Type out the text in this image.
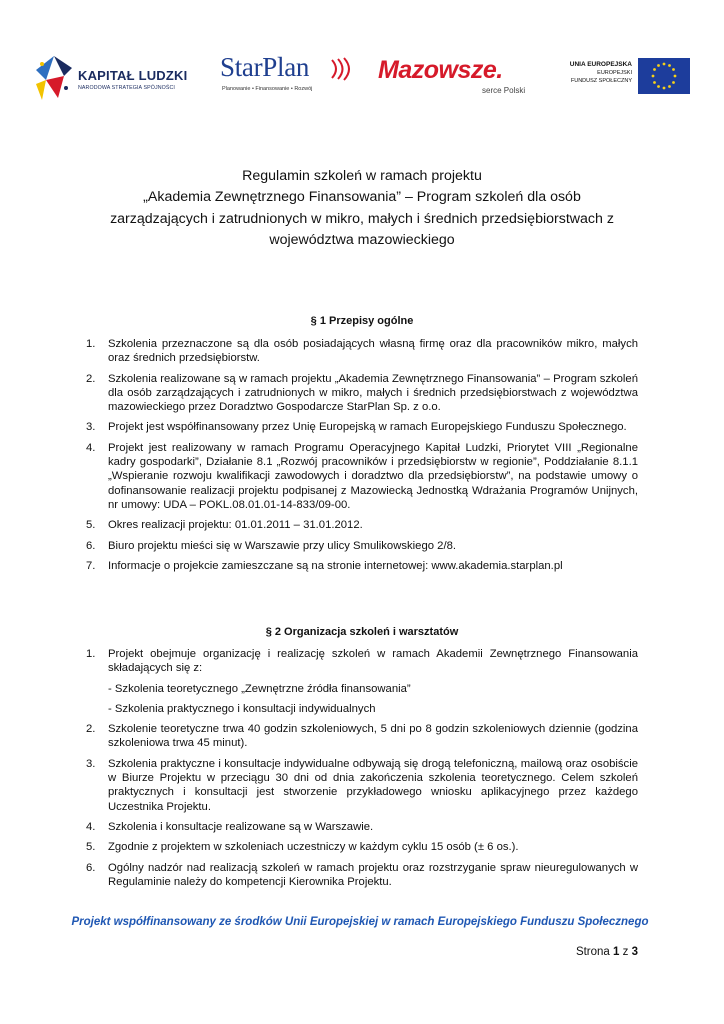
KAPITAŁ LUDZKI
NARODOWA STRATEGIA SPÓJNOŚCI
StarPlan
Planowanie • Finansowanie • Rozwój
Mazowsze.
serce Polski
UNIA EUROPEJSKA
EUROPEJSKI
FUNDUSZ SPOŁECZNY
Regulamin szkoleń w ramach projektu
„Akademia Zewnętrznego Finansowania” – Program szkoleń dla osób
zarządzających i zatrudnionych w mikro, małych i średnich przedsiębiorstwach z
województwa mazowieckiego
§ 1 Przepisy ogólne
1. Szkolenia przeznaczone są dla osób posiadających własną firmę oraz dla pracowników mikro, małych oraz średnich przedsiębiorstw.
2. Szkolenia realizowane są w ramach projektu „Akademia Zewnętrznego Finansowania” – Program szkoleń dla osób zarządzających i zatrudnionych w mikro, małych i średnich przedsiębiorstwach z województwa mazowieckiego przez Doradztwo Gospodarcze StarPlan Sp. z o.o.
3. Projekt jest współfinansowany przez Unię Europejską w ramach Europejskiego Funduszu Społecznego.
4. Projekt jest realizowany w ramach Programu Operacyjnego Kapitał Ludzki, Priorytet VIII „Regionalne kadry gospodarki”, Działanie 8.1 „Rozwój pracowników i przedsiębiorstw w regionie”, Poddziałanie 8.1.1 „Wspieranie rozwoju kwalifikacji zawodowych i doradztwo dla przedsiębiorstw”, na podstawie umowy o dofinansowanie realizacji projektu podpisanej z Mazowiecką Jednostką Wdrażania Programów Unijnych, nr umowy: UDA – POKL.08.01.01-14-833/09-00.
5. Okres realizacji projektu: 01.01.2011 – 31.01.2012.
6. Biuro projektu mieści się w Warszawie przy ulicy Smulikowskiego 2/8.
7. Informacje o projekcie zamieszczane są na stronie internetowej: www.akademia.starplan.pl
§ 2 Organizacja szkoleń i warsztatów
1. Projekt obejmuje organizację i realizację szkoleń w ramach Akademii Zewnętrznego Finansowania składających się z:
- Szkolenia teoretycznego „Zewnętrzne źródła finansowania”
- Szkolenia praktycznego i konsultacji indywidualnych
2. Szkolenie teoretyczne trwa 40 godzin szkoleniowych, 5 dni po 8 godzin szkoleniowych dziennie (godzina szkoleniowa trwa 45 minut).
3. Szkolenia praktyczne i konsultacje indywidualne odbywają się drogą telefoniczną, mailową oraz osobiście w Biurze Projektu w przeciągu 30 dni od dnia zakończenia szkolenia teoretycznego. Celem szkoleń praktycznych i konsultacji jest stworzenie przykładowego wniosku aplikacyjnego przez każdego Uczestnika Projektu.
4. Szkolenia i konsultacje realizowane są w Warszawie.
5. Zgodnie z projektem w szkoleniach uczestniczy w każdym cyklu 15 osób (± 6 os.).
6. Ogólny nadzór nad realizacją szkoleń w ramach projektu oraz rozstrzyganie spraw nieuregulowanych w Regulaminie należy do kompetencji Kierownika Projektu.
Projekt współfinansowany ze środków Unii Europejskiej w ramach Europejskiego Funduszu Społecznego
Strona 1 z 3
